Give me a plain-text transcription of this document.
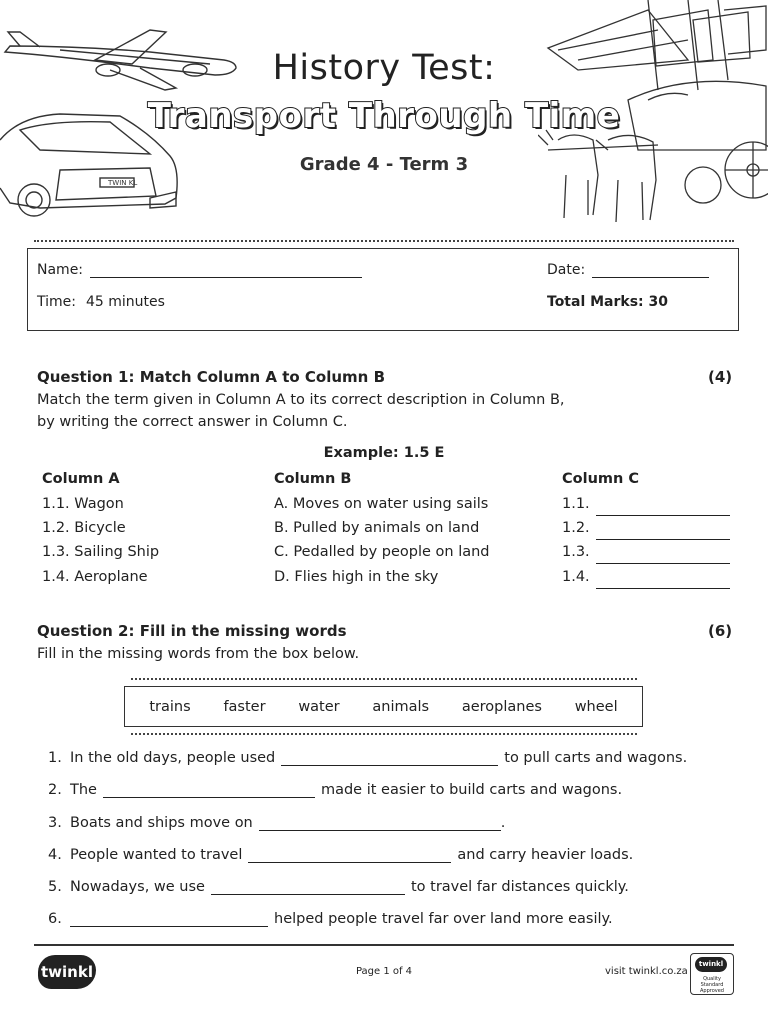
TWIN KL
History Test:
Transport Through Time
Grade 4 - Term 3
Name:	Date:
Time: 45 minutes	Total Marks: 30
Question 1: Match Column A to Column B	(4)
Match the term given in Column A to its correct description in Column B,
by writing the correct answer in Column C.
Example: 1.5 E
Column A	Column B	Column C
1.1. Wagon	A. Moves on water using sails	1.1.
1.2. Bicycle	B. Pulled by animals on land	1.2.
1.3. Sailing Ship	C. Pedalled by people on land	1.3.
1.4. Aeroplane	D. Flies high in the sky	1.4.
Question 2: Fill in the missing words	(6)
Fill in the missing words from the box below.
trains faster water animals aeroplanes wheel
1. In the old days, people used	to pull carts and wagons.
2. The	made it easier to build carts and wagons.
3. Boats and ships move on	.
4. People wanted to travel	and carry heavier loads.
5. Nowadays, we use	to travel far distances quickly.
6.	helped people travel far over land more easily.
twinkl	Page 1 of 4	visit twinkl.co.za
twinkl
Quality Standard Approved
